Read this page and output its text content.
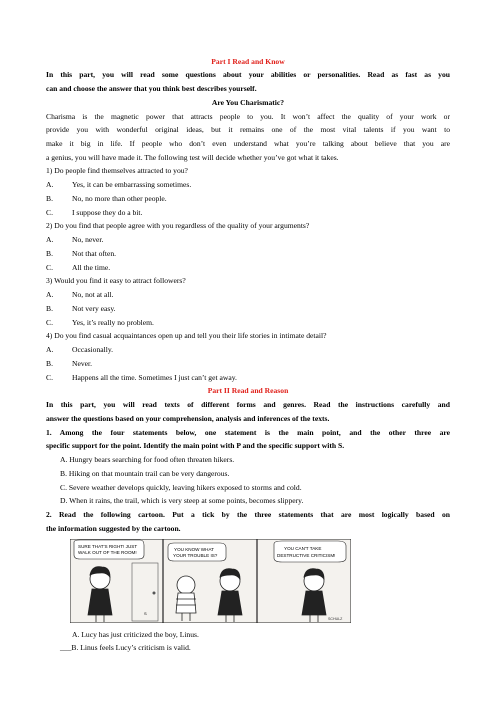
Part I Read and Know
In this part, you will read some questions about your abilities or personalities. Read as fast as you
can and choose the answer that you think best describes yourself.
Are You Charismatic?
Charisma is the magnetic power that attracts people to you. It won’t affect the quality of your work or
provide you with wonderful original ideas, but it remains one of the most vital talents if you want to
make it big in life. If people who don’t even understand what you’re talking about believe that you are
a genius, you will have made it. The following test will decide whether you’ve got what it takes.
1) Do people find themselves attracted to you?
A. Yes, it can be embarrassing sometimes.
B.	No, no more than other people.
C.	I suppose they do a bit.
2) Do you find that people agree with you regardless of the quality of your arguments?
A. No, never.
B.	Not that often.
C.	All the time.
3) Would you find it easy to attract followers?
A. No, not at all.
B.	Not very easy.
C.	Yes, it’s really no problem.
4) Do you find casual acquaintances open up and tell you their life stories in intimate detail?
A. Occasionally.
B.	Never.
C.	Happens all the time. Sometimes I just can’t get away.
Part II Read and Reason
In this part, you will read texts of different forms and genres. Read the instructions carefully and
answer the questions based on your comprehension, analysis and inferences of the texts.
1. Among the four statements below, one statement is the main point, and the other three are
specific support for the point. Identify the main point with P and the specific support with S.
A. Hungry bears searching for food often threaten hikers.
B. Hiking on that mountain trail can be very dangerous.
C. Severe weather develops quickly, leaving hikers exposed to storms and cold.
D. When it rains, the trail, which is very steep at some points, becomes slippery.
2. Read the following cartoon. Put a tick by the three statements that are most logically based on
the information suggested by the cartoon.
SURE THAT'S RIGHT! JUST
WALK OUT OF THE ROOM!
S
YOU KNOW WHAT
YOUR TROUBLE IS?
YOU CAN'T TAKE
DESTRUCTIVE CRITICISM!
SCHULZ
A. Lucy has just criticized the boy, Linus.
___B. Linus feels Lucy’s criticism is valid.
